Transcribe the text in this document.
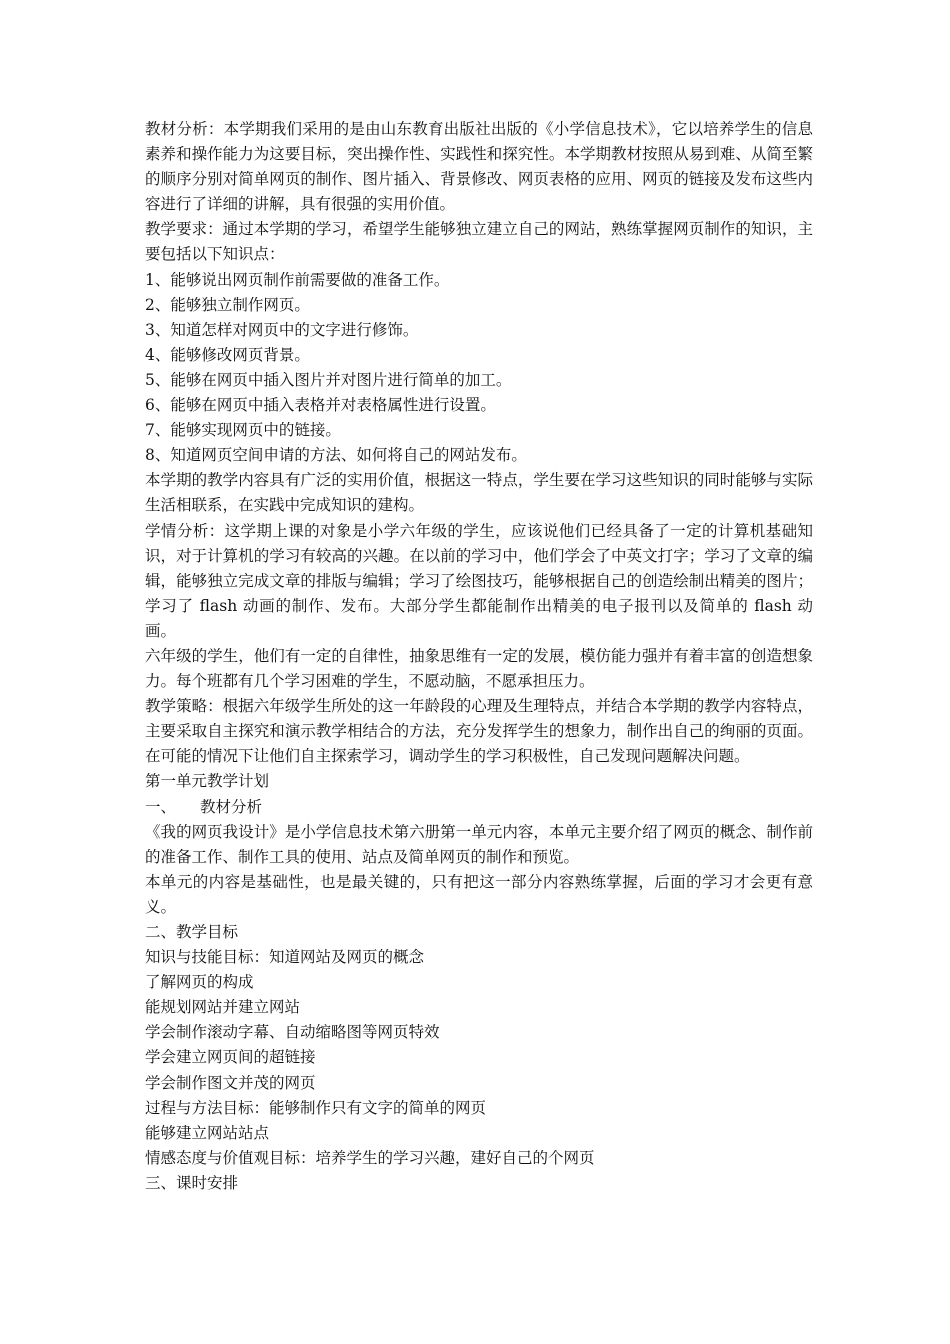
教材分析：本学期我们采用的是由山东教育出版社出版的《小学信息技术》，它以培养学生的信息素养和操作能力为这要目标，突出操作性、实践性和探究性。本学期教材按照从易到难、从简至繁的顺序分别对简单网页的制作、图片插入、背景修改、网页表格的应用、网页的链接及发布这些内容进行了详细的讲解，具有很强的实用价值。

教学要求：通过本学期的学习，希望学生能够独立建立自己的网站，熟练掌握网页制作的知识，主要包括以下知识点：

1、能够说出网页制作前需要做的准备工作。

2、能够独立制作网页。

3、知道怎样对网页中的文字进行修饰。

4、能够修改网页背景。

5、能够在网页中插入图片并对图片进行简单的加工。

6、能够在网页中插入表格并对表格属性进行设置。

7、能够实现网页中的链接。

8、知道网页空间申请的方法、如何将自己的网站发布。

本学期的教学内容具有广泛的实用价值，根据这一特点，学生要在学习这些知识的同时能够与实际生活相联系，在实践中完成知识的建构。

学情分析：这学期上课的对象是小学六年级的学生，应该说他们已经具备了一定的计算机基础知识，对于计算机的学习有较高的兴趣。在以前的学习中，他们学会了中英文打字；学习了文章的编辑，能够独立完成文章的排版与编辑；学习了绘图技巧，能够根据自己的创造绘制出精美的图片；学习了 flash 动画的制作、发布。大部分学生都能制作出精美的电子报刊以及简单的 flash 动画。

六年级的学生，他们有一定的自律性，抽象思维有一定的发展，模仿能力强并有着丰富的创造想象力。每个班都有几个学习困难的学生，不愿动脑，不愿承担压力。

教学策略：根据六年级学生所处的这一年龄段的心理及生理特点，并结合本学期的教学内容特点，主要采取自主探究和演示教学相结合的方法，充分发挥学生的想象力，制作出自己的绚丽的页面。在可能的情况下让他们自主探索学习，调动学生的学习积极性，自己发现问题解决问题。

第一单元教学计划

一、 教材分析

《我的网页我设计》是小学信息技术第六册第一单元内容，本单元主要介绍了网页的概念、制作前的准备工作、制作工具的使用、站点及简单网页的制作和预览。

本单元的内容是基础性，也是最关键的，只有把这一部分内容熟练掌握，后面的学习才会更有意义。

二、教学目标

知识与技能目标：知道网站及网页的概念

了解网页的构成

能规划网站并建立网站

学会制作滚动字幕、自动缩略图等网页特效

学会建立网页间的超链接

学会制作图文并茂的网页

过程与方法目标：能够制作只有文字的简单的网页

能够建立网站站点

情感态度与价值观目标：培养学生的学习兴趣，建好自己的个网页

三、课时安排
